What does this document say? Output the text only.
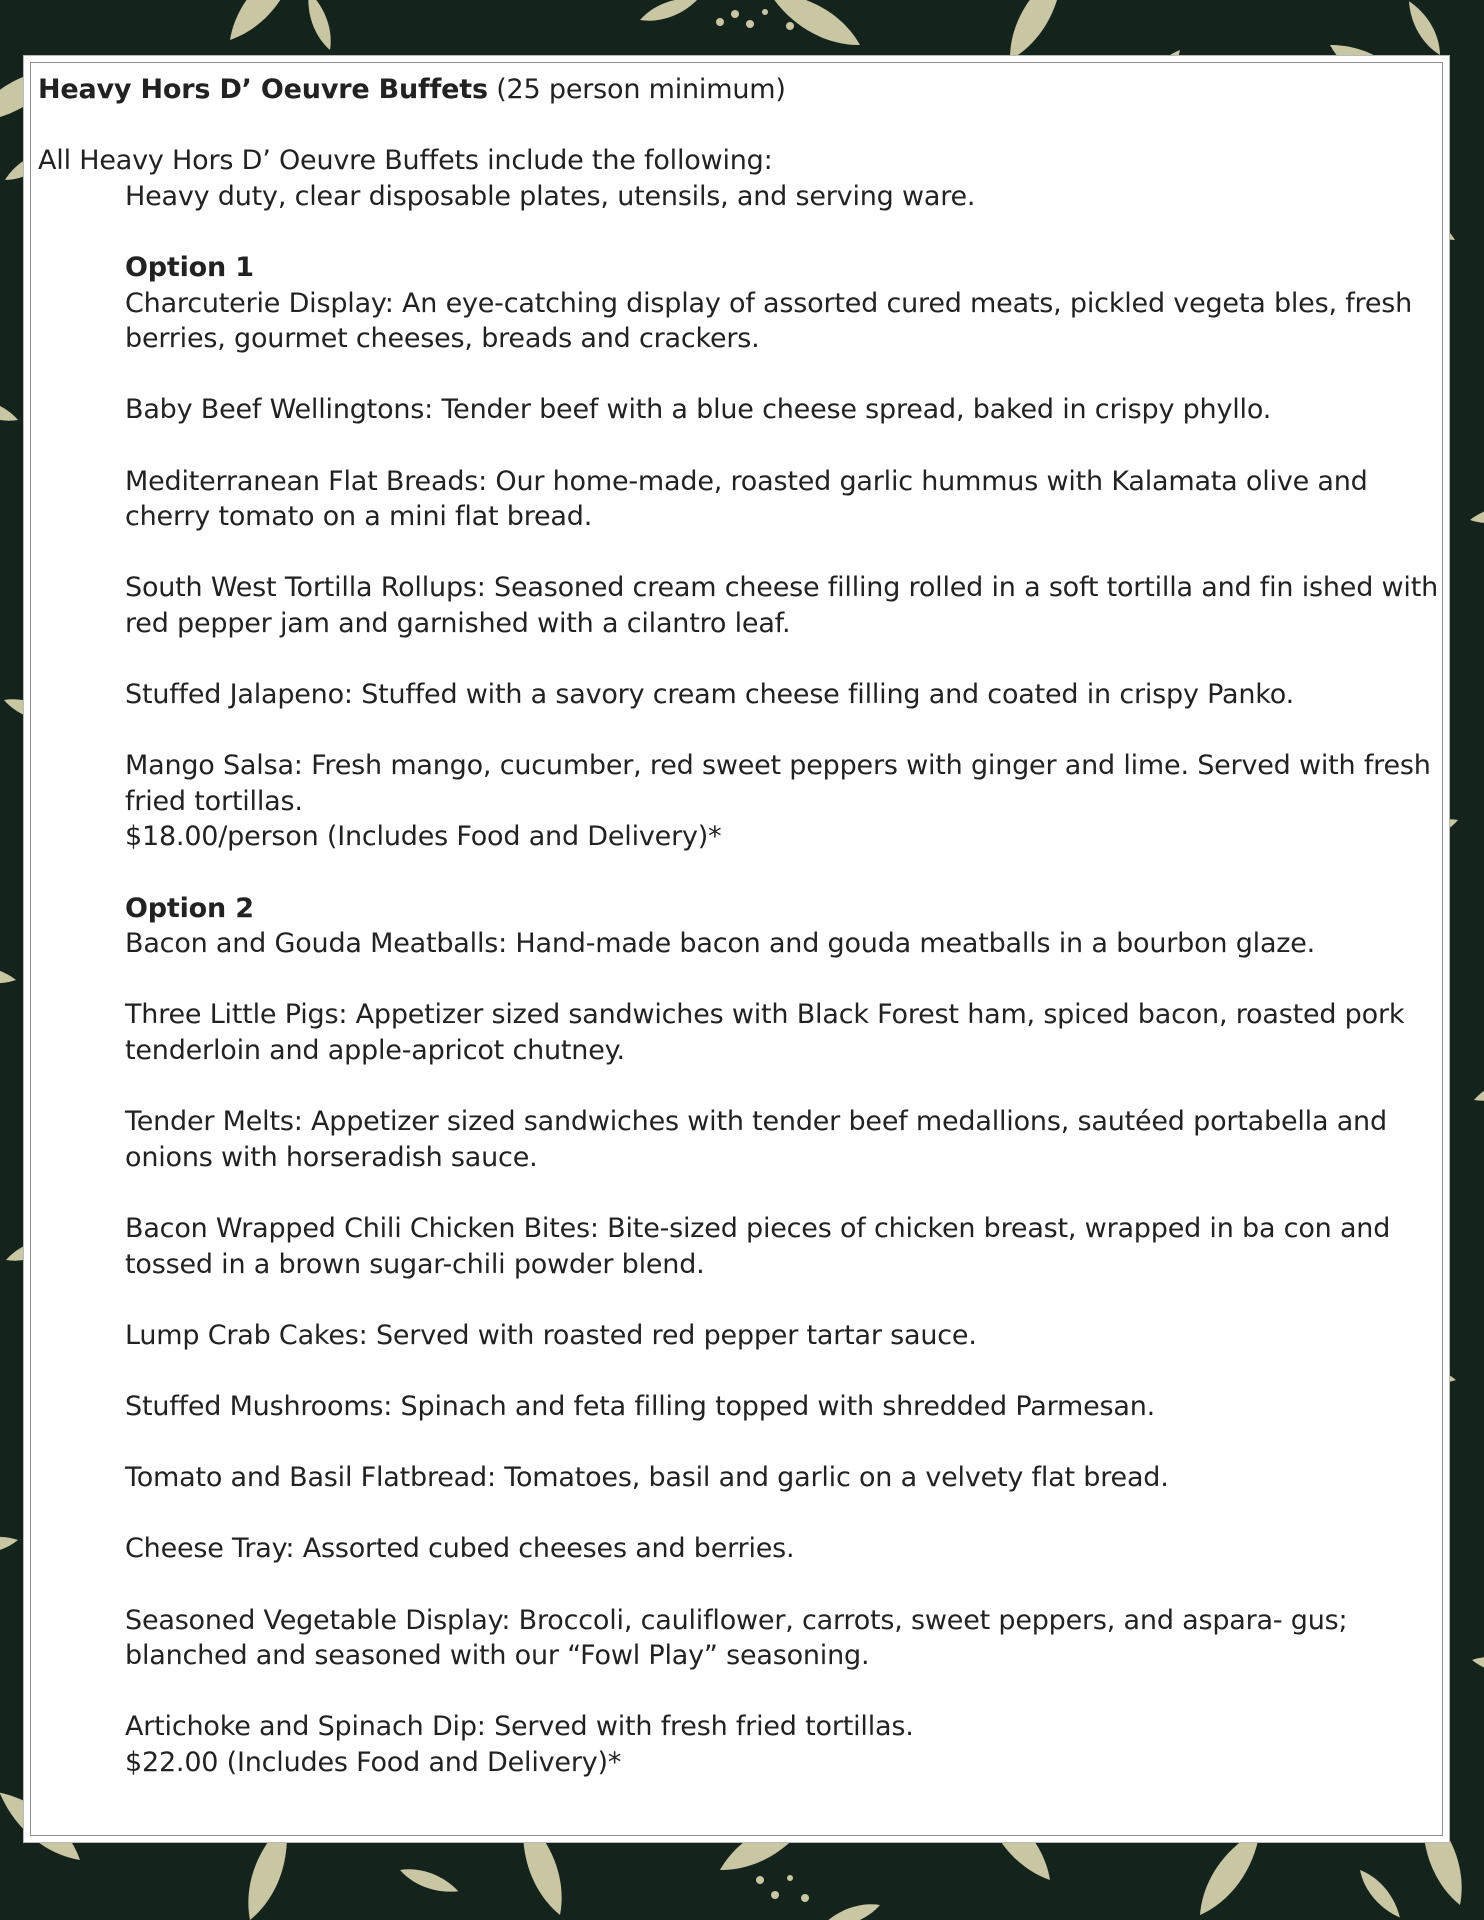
Heavy Hors D’ Oeuvre Buffets (25 person minimum)

All Heavy Hors D’ Oeuvre Buffets include the following:

Heavy duty, clear disposable plates, utensils, and serving ware.

Option 1

Charcuterie Display: An eye-catching display of assorted cured meats, pickled vegeta bles, fresh berries, gourmet cheeses, breads and crackers.

Baby Beef Wellingtons: Tender beef with a blue cheese spread, baked in crispy phyllo.

Mediterranean Flat Breads: Our home-made, roasted garlic hummus with Kalamata olive and cherry tomato on a mini flat bread.

South West Tortilla Rollups: Seasoned cream cheese filling rolled in a soft tortilla and fin ished with red pepper jam and garnished with a cilantro leaf.

Stuffed Jalapeno: Stuffed with a savory cream cheese filling and coated in crispy Panko.

Mango Salsa: Fresh mango, cucumber, red sweet peppers with ginger and lime. Served with fresh fried tortillas.

$18.00/person (Includes Food and Delivery)*

Option 2

Bacon and Gouda Meatballs: Hand-made bacon and gouda meatballs in a bourbon glaze.

Three Little Pigs: Appetizer sized sandwiches with Black Forest ham, spiced bacon, roasted pork tenderloin and apple-apricot chutney.

Tender Melts: Appetizer sized sandwiches with tender beef medallions, sautéed portabella and onions with horseradish sauce.

Bacon Wrapped Chili Chicken Bites: Bite-sized pieces of chicken breast, wrapped in ba con and tossed in a brown sugar-chili powder blend.

Lump Crab Cakes: Served with roasted red pepper tartar sauce.

Stuffed Mushrooms: Spinach and feta filling topped with shredded Parmesan.

Tomato and Basil Flatbread: Tomatoes, basil and garlic on a velvety flat bread.

Cheese Tray: Assorted cubed cheeses and berries.

Seasoned Vegetable Display: Broccoli, cauliflower, carrots, sweet peppers, and aspara- gus; blanched and seasoned with our “Fowl Play” seasoning.

Artichoke and Spinach Dip: Served with fresh fried tortillas.

$22.00 (Includes Food and Delivery)*
